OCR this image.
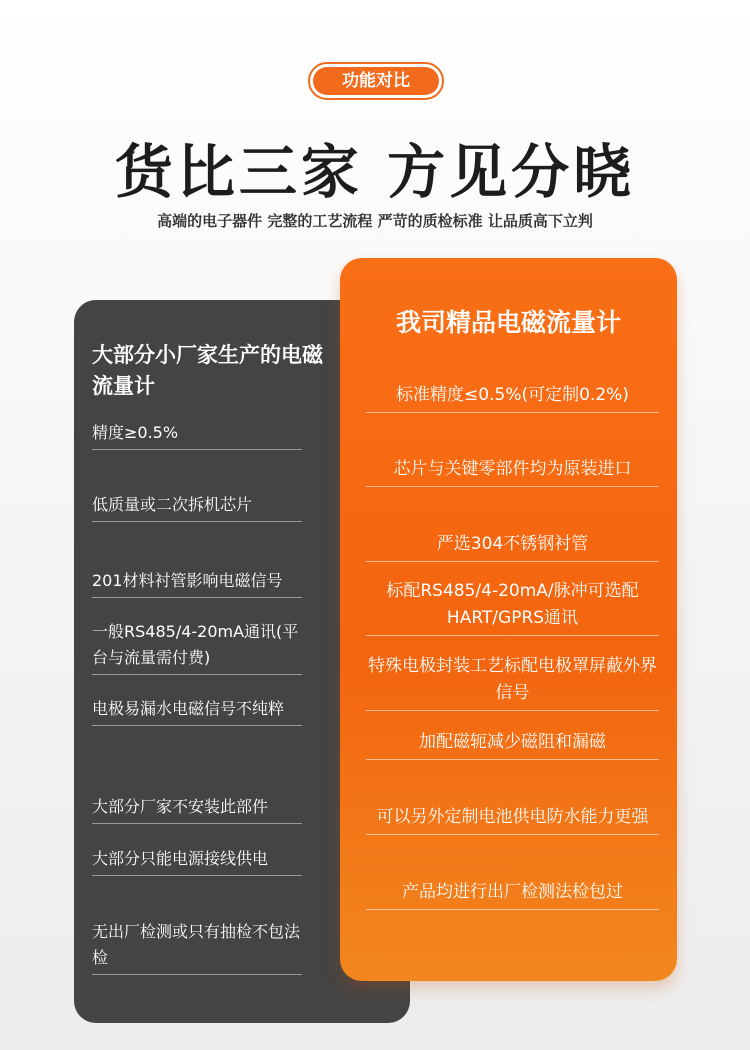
功能对比
货比三家 方见分晓
高端的电子器件 完整的工艺流程 严苛的质检标准 让品质高下立判
大部分小厂家生产的电磁流量计
精度≥0.5%
低质量或二次拆机芯片
201材料衬管影响电磁信号
一般RS485/4-20mA通讯(平台与流量需付费)
电极易漏水电磁信号不纯粹
大部分厂家不安装此部件
大部分只能电源接线供电
无出厂检测或只有抽检不包法检
我司精品电磁流量计
标准精度≤0.5%(可定制0.2%)
芯片与关键零部件均为原装进口
严选304不锈钢衬管
标配RS485/4-20mA/脉冲可选配HART/GPRS通讯
特殊电极封装工艺标配电极罩屏蔽外界信号
加配磁轭减少磁阻和漏磁
可以另外定制电池供电防水能力更强
产品均进行出厂检测法检包过
